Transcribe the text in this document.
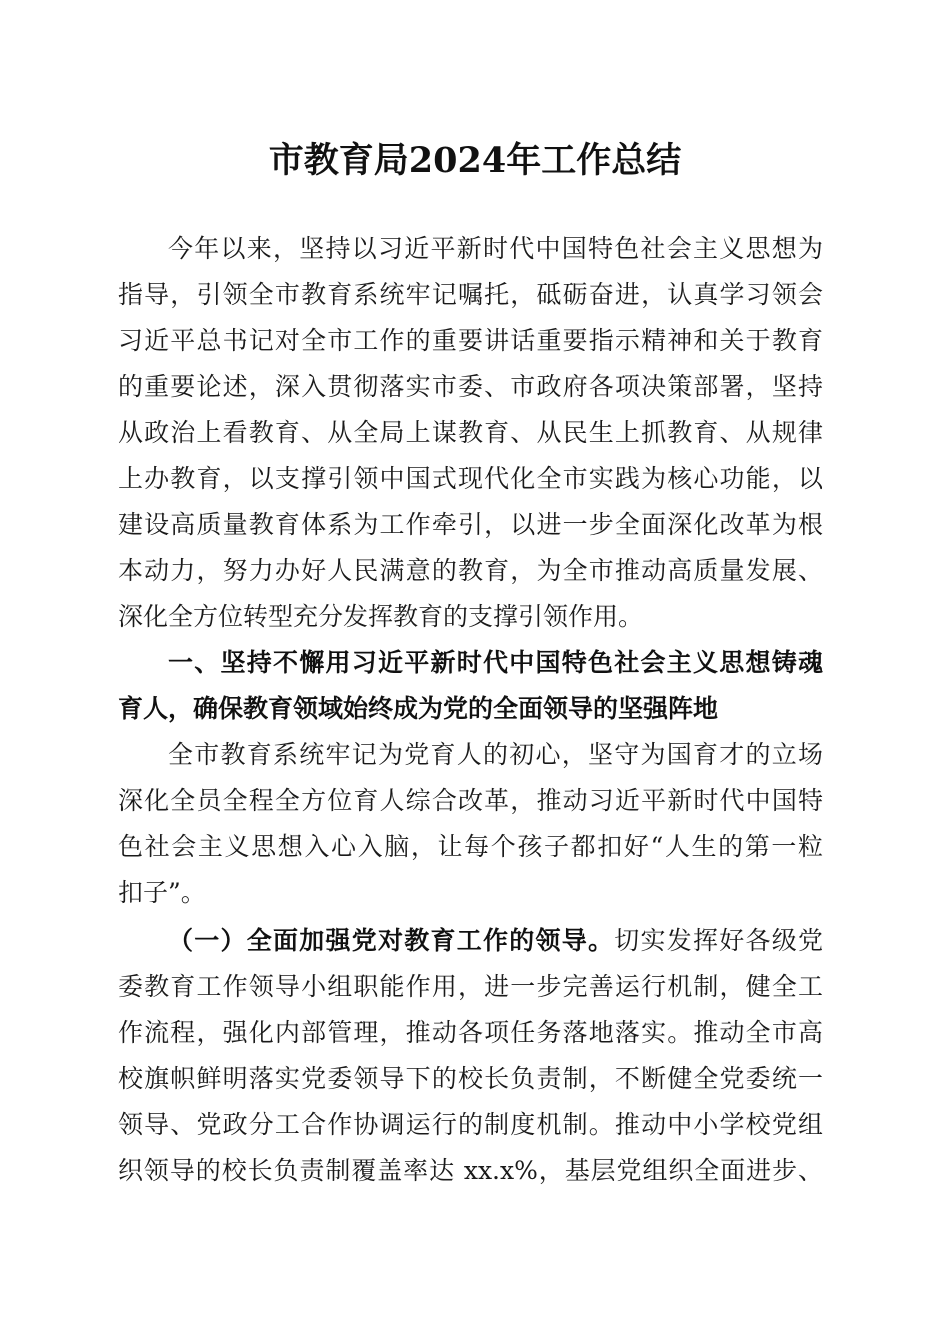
市教育局2024年工作总结
今年以来，坚持以习近平新时代中国特色社会主义思想为
指导，引领全市教育系统牢记嘱托，砥砺奋进，认真学习领会
习近平总书记对全市工作的重要讲话重要指示精神和关于教育
的重要论述，深入贯彻落实市委、市政府各项决策部署，坚持
从政治上看教育、从全局上谋教育、从民生上抓教育、从规律
上办教育，以支撑引领中国式现代化全市实践为核心功能，以
建设高质量教育体系为工作牵引，以进一步全面深化改革为根
本动力，努力办好人民满意的教育，为全市推动高质量发展、
深化全方位转型充分发挥教育的支撑引领作用。
一、坚持不懈用习近平新时代中国特色社会主义思想铸魂
育人，确保教育领域始终成为党的全面领导的坚强阵地
全市教育系统牢记为党育人的初心，坚守为国育才的立场
深化全员全程全方位育人综合改革，推动习近平新时代中国特
色社会主义思想入心入脑，让每个孩子都扣好“人生的第一粒
扣子”。
（一）全面加强党对教育工作的领导。切实发挥好各级党
委教育工作领导小组职能作用，进一步完善运行机制，健全工
作流程，强化内部管理，推动各项任务落地落实。推动全市高
校旗帜鲜明落实党委领导下的校长负责制，不断健全党委统一
领导、党政分工合作协调运行的制度机制。推动中小学校党组
织领导的校长负责制覆盖率达 xx.x%，基层党组织全面进步、
